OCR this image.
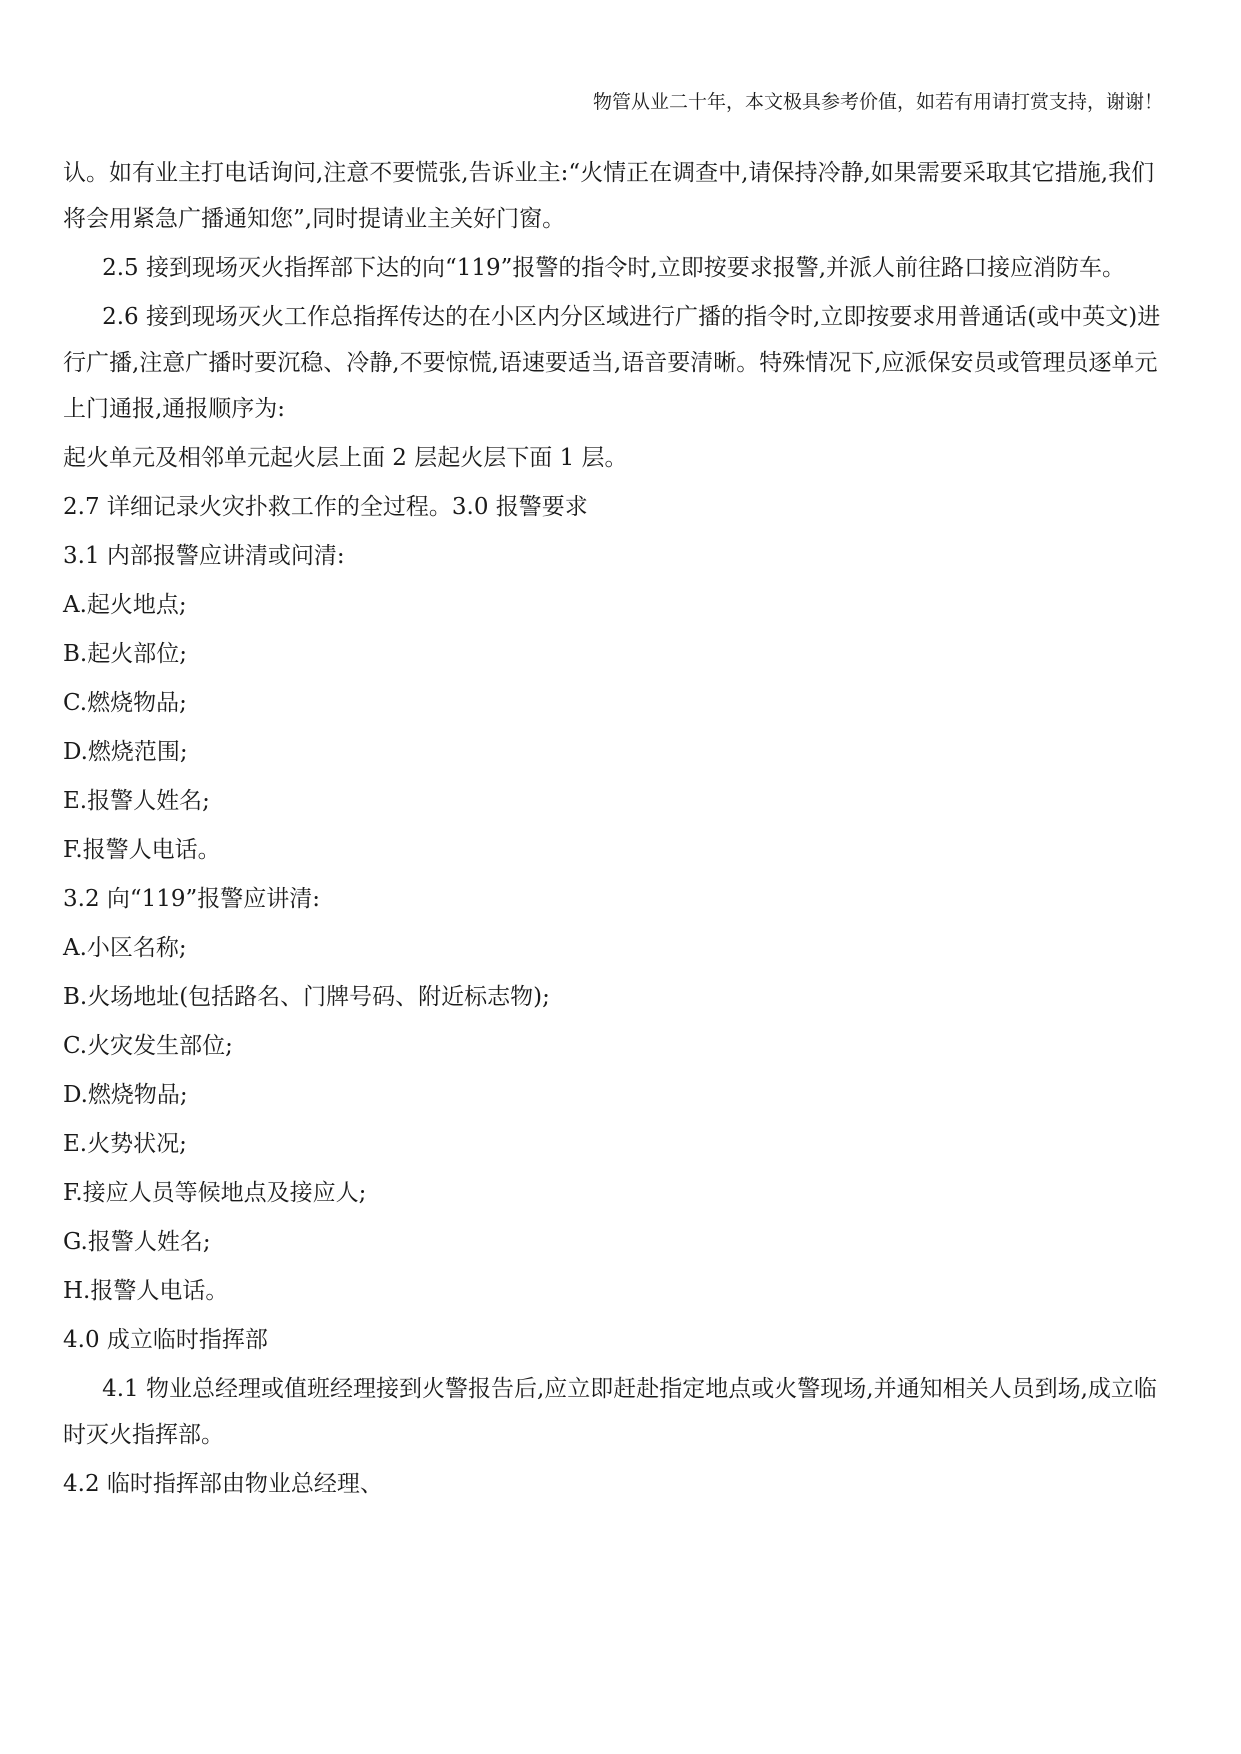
物管从业二十年，本文极具参考价值，如若有用请打赏支持，谢谢！

认。如有业主打电话询问,注意不要慌张,告诉业主:“火情正在调查中,请保持冷静,如果需要采取其它措施,我们将会用紧急广播通知您”,同时提请业主关好门窗。

2.5 接到现场灭火指挥部下达的向“119”报警的指令时,立即按要求报警,并派人前往路口接应消防车。

2.6 接到现场灭火工作总指挥传达的在小区内分区域进行广播的指令时,立即按要求用普通话(或中英文)进行广播,注意广播时要沉稳、冷静,不要惊慌,语速要适当,语音要清晰。特殊情况下,应派保安员或管理员逐单元上门通报,通报顺序为:

起火单元及相邻单元起火层上面 2 层起火层下面 1 层。

2.7 详细记录火灾扑救工作的全过程。3.0 报警要求

3.1 内部报警应讲清或问清:

A.起火地点;

B.起火部位;

C.燃烧物品;

D.燃烧范围;

E.报警人姓名;

F.报警人电话。

3.2 向“119”报警应讲清:

A.小区名称;

B.火场地址(包括路名、门牌号码、附近标志物);

C.火灾发生部位;

D.燃烧物品;

E.火势状况;

F.接应人员等候地点及接应人;

G.报警人姓名;

H.报警人电话。

4.0 成立临时指挥部

4.1 物业总经理或值班经理接到火警报告后,应立即赶赴指定地点或火警现场,并通知相关人员到场,成立临时灭火指挥部。

4.2 临时指挥部由物业总经理、
